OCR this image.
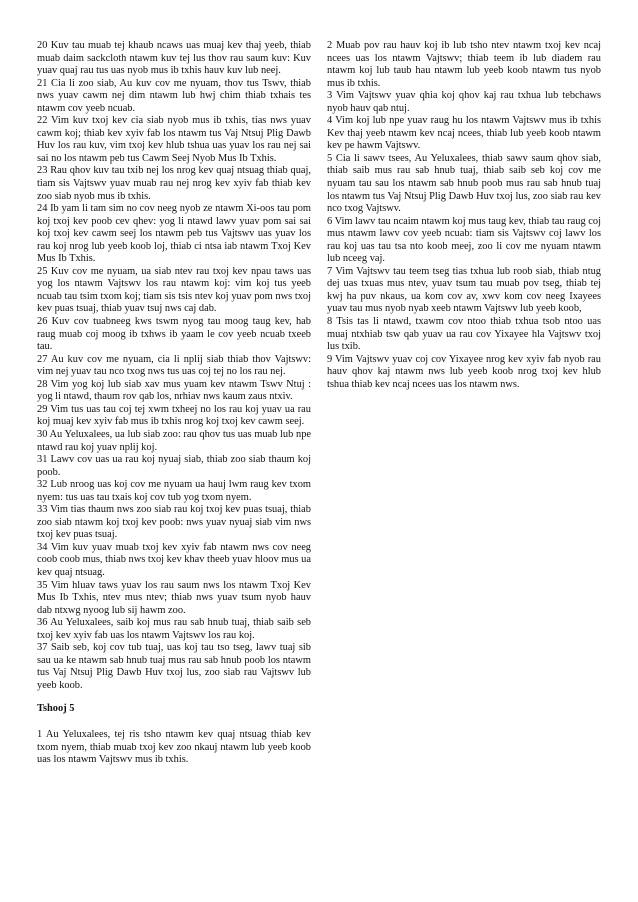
20 Kuv tau muab tej khaub ncaws uas muaj kev thaj yeeb, thiab muab daim sackcloth ntawm kuv tej lus thov rau saum kuv: Kuv yuav quaj rau tus uas nyob mus ib txhis hauv kuv lub neej.

21 Cia li zoo siab, Au kuv cov me nyuam, thov tus Tswv, thiab nws yuav cawm nej dim ntawm lub hwj chim thiab txhais tes ntawm cov yeeb ncuab.

22 Vim kuv txoj kev cia siab nyob mus ib txhis, tias nws yuav cawm koj; thiab kev xyiv fab los ntawm tus Vaj Ntsuj Plig Dawb Huv los rau kuv, vim txoj kev hlub tshua uas yuav los rau nej sai sai no los ntawm peb tus Cawm Seej Nyob Mus Ib Txhis.

23 Rau qhov kuv tau txib nej los nrog kev quaj ntsuag thiab quaj, tiam sis Vajtswv yuav muab rau nej nrog kev xyiv fab thiab kev zoo siab nyob mus ib txhis.

24 Ib yam li tam sim no cov neeg nyob ze ntawm Xi-oos tau pom koj txoj kev poob cev qhev: yog li ntawd lawv yuav pom sai sai koj txoj kev cawm seej los ntawm peb tus Vajtswv uas yuav los rau koj nrog lub yeeb koob loj, thiab ci ntsa iab ntawm Txoj Kev Mus Ib Txhis.

25 Kuv cov me nyuam, ua siab ntev rau txoj kev npau taws uas yog los ntawm Vajtswv los rau ntawm koj: vim koj tus yeeb ncuab tau tsim txom koj; tiam sis tsis ntev koj yuav pom nws txoj kev puas tsuaj, thiab yuav tsuj nws caj dab.

26 Kuv cov tuabneeg kws tswm nyog tau moog taug kev, hab raug muab coj moog ib txhws ib yaam le cov yeeb ncuab txeeb tau.

27 Au kuv cov me nyuam, cia li nplij siab thiab thov Vajtswv: vim nej yuav tau nco txog nws tus uas coj tej no los rau nej.

28 Vim yog koj lub siab xav mus yuam kev ntawm Tswv Ntuj : yog li ntawd, thaum rov qab los, nrhiav nws kaum zaus ntxiv.

29 Vim tus uas tau coj tej xwm txheej no los rau koj yuav ua rau koj muaj kev xyiv fab mus ib txhis nrog koj txoj kev cawm seej.

30 Au Yeluxalees, ua lub siab zoo: rau qhov tus uas muab lub npe ntawd rau koj yuav nplij koj.

31 Lawv cov uas ua rau koj nyuaj siab, thiab zoo siab thaum koj poob.

32 Lub nroog uas koj cov me nyuam ua hauj lwm raug kev txom nyem: tus uas tau txais koj cov tub yog txom nyem.

33 Vim tias thaum nws zoo siab rau koj txoj kev puas tsuaj, thiab zoo siab ntawm koj txoj kev poob: nws yuav nyuaj siab vim nws txoj kev puas tsuaj.

34 Vim kuv yuav muab txoj kev xyiv fab ntawm nws cov neeg coob coob mus, thiab nws txoj kev khav theeb yuav hloov mus ua kev quaj ntsuag.

35 Vim hluav taws yuav los rau saum nws los ntawm Txoj Kev Mus Ib Txhis, ntev mus ntev; thiab nws yuav tsum nyob hauv dab ntxwg nyoog lub sij hawm zoo.

36 Au Yeluxalees, saib koj mus rau sab hnub tuaj, thiab saib seb txoj kev xyiv fab uas los ntawm Vajtswv los rau koj.

37 Saib seb, koj cov tub tuaj, uas koj tau tso tseg, lawv tuaj sib sau ua ke ntawm sab hnub tuaj mus rau sab hnub poob los ntawm tus Vaj Ntsuj Plig Dawb Huv txoj lus, zoo siab rau Vajtswv lub yeeb koob.

Tshooj 5

1 Au Yeluxalees, tej ris tsho ntawm kev quaj ntsuag thiab kev txom nyem, thiab muab txoj kev zoo nkauj ntawm lub yeeb koob uas los ntawm Vajtswv mus ib txhis.

2 Muab pov rau hauv koj ib lub tsho ntev ntawm txoj kev ncaj ncees uas los ntawm Vajtswv; thiab teem ib lub diadem rau ntawm koj lub taub hau ntawm lub yeeb koob ntawm tus nyob mus ib txhis.

3 Vim Vajtswv yuav qhia koj qhov kaj rau txhua lub tebchaws nyob hauv qab ntuj.

4 Vim koj lub npe yuav raug hu los ntawm Vajtswv mus ib txhis Kev thaj yeeb ntawm kev ncaj ncees, thiab lub yeeb koob ntawm kev pe hawm Vajtswv.

5 Cia li sawv tsees, Au Yeluxalees, thiab sawv saum qhov siab, thiab saib mus rau sab hnub tuaj, thiab saib seb koj cov me nyuam tau sau los ntawm sab hnub poob mus rau sab hnub tuaj los ntawm tus Vaj Ntsuj Plig Dawb Huv txoj lus, zoo siab rau kev nco txog Vajtswv.

6 Vim lawv tau ncaim ntawm koj mus taug kev, thiab tau raug coj mus ntawm lawv cov yeeb ncuab: tiam sis Vajtswv coj lawv los rau koj uas tau tsa nto koob meej, zoo li cov me nyuam ntawm lub nceeg vaj.

7 Vim Vajtswv tau teem tseg tias txhua lub roob siab, thiab ntug dej uas txuas mus ntev, yuav tsum tau muab pov tseg, thiab tej kwj ha puv nkaus, ua kom cov av, xwv kom cov neeg Ixayees yuav tau mus nyob nyab xeeb ntawm Vajtswv lub yeeb koob,

8 Tsis tas li ntawd, txawm cov ntoo thiab txhua tsob ntoo uas muaj ntxhiab tsw qab yuav ua rau cov Yixayee hla Vajtswv txoj lus txib.

9 Vim Vajtswv yuav coj cov Yixayee nrog kev xyiv fab nyob rau hauv qhov kaj ntawm nws lub yeeb koob nrog txoj kev hlub tshua thiab kev ncaj ncees uas los ntawm nws.
